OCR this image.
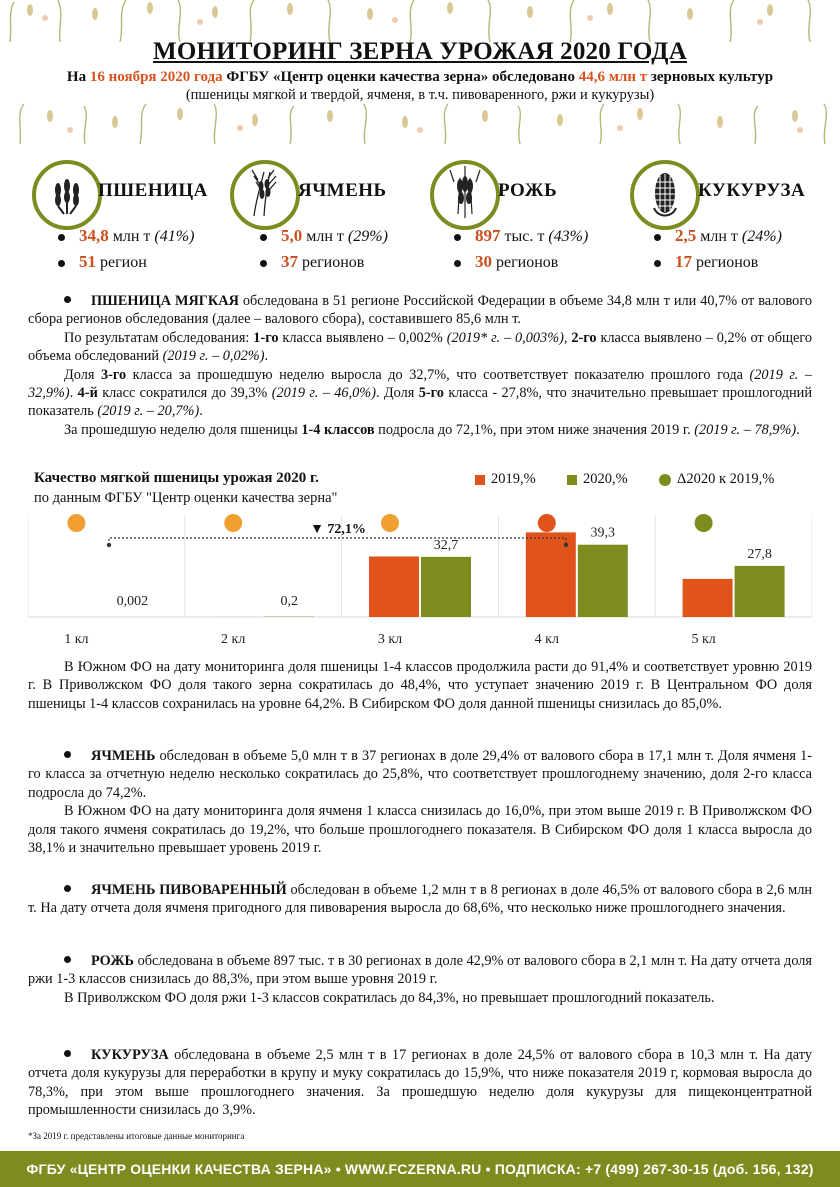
МОНИТОРИНГ ЗЕРНА УРОЖАЯ 2020 ГОДА
На 16 ноября 2020 года ФГБУ «Центр оценки качества зерна» обследовано 44,6 млн т зерновых культур
(пшеницы мягкой и твердой, ячменя, в т.ч. пивоваренного, ржи и кукурузы)
ПШЕНИЦА
34,8 млн т (41%)
51 регион
ЯЧМЕНЬ
5,0 млн т (29%)
37 регионов
РОЖЬ
897 тыс. т (43%)
30 регионов
КУКУРУЗА
2,5 млн т (24%)
17 регионов

ПШЕНИЦА МЯГКАЯ обследована в 51 регионе Российской Федерации в объеме 34,8 млн т или 40,7% от валового сбора регионов обследования (далее – валового сбора), составившего 85,6 млн т.

По результатам обследования: 1-го класса выявлено – 0,002% (2019* г. – 0,003%), 2-го класса выявлено – 0,2% от общего объема обследований (2019 г. – 0,02%).

Доля 3-го класса за прошедшую неделю выросла до 32,7%, что соответствует показателю прошлого года (2019 г. – 32,9%). 4-й класс сократился до 39,3% (2019 г. – 46,0%). Доля 5-го класса - 27,8%, что значительно превышает прошлогодний показатель (2019 г. – 20,7%).

За прошедшую неделю доля пшеницы 1-4 классов подросла до 72,1%, при этом ниже значения 2019 г. (2019 г. – 78,9%).

Качество мягкой пшеницы урожая 2020 г.
по данным ФГБУ "Центр оценки качества зерна"
2019,%	2020,%	Δ2020 к 2019,%
0,002
1 кл
0,2
2 кл
32,7
3 кл
39,3
4 кл
27,8
5 кл
▼ 72,1%

В Южном ФО на дату мониторинга доля пшеницы 1-4 классов продолжила расти до 91,4% и соответствует уровню 2019 г. В Приволжском ФО доля такого зерна сократилась до 48,4%, что уступает значению 2019 г. В Центральном ФО доля пшеницы 1-4 классов сохранилась на уровне 64,2%. В Сибирском ФО доля данной пшеницы снизилась до 85,0%.

ЯЧМЕНЬ обследован в объеме 5,0 млн т в 37 регионах в доле 29,4% от валового сбора в 17,1 млн т. Доля ячменя 1-го класса за отчетную неделю несколько сократилась до 25,8%, что соответствует прошлогоднему значению, доля 2-го класса подросла до 74,2%.

В Южном ФО на дату мониторинга доля ячменя 1 класса снизилась до 16,0%, при этом выше 2019 г. В Приволжском ФО доля такого ячменя сократилась до 19,2%, что больше прошлогоднего показателя. В Сибирском ФО доля 1 класса выросла до 38,1% и значительно превышает уровень 2019 г.

ЯЧМЕНЬ ПИВОВАРЕННЫЙ обследован в объеме 1,2 млн т в 8 регионах в доле 46,5% от валового сбора в 2,6 млн т. На дату отчета доля ячменя пригодного для пивоварения выросла до 68,6%, что несколько ниже прошлогоднего значения.

РОЖЬ обследована в объеме 897 тыс. т в 30 регионах в доле 42,9% от валового сбора в 2,1 млн т. На дату отчета доля ржи 1-3 классов снизилась до 88,3%, при этом выше уровня 2019 г.

В Приволжском ФО доля ржи 1-3 классов сократилась до 84,3%, но превышает прошлогодний показатель.

КУКУРУЗА обследована в объеме 2,5 млн т в 17 регионах в доле 24,5% от валового сбора в 10,3 млн т. На дату отчета доля кукурузы для переработки в крупу и муку сократилась до 15,9%, что ниже показателя 2019 г, кормовая выросла до 78,3%, при этом выше прошлогоднего значения. За прошедшую неделю доля кукурузы для пищеконцентратной промышленности снизилась до 3,9%.

*За 2019 г. представлены итоговые данные мониторинга
ФГБУ «ЦЕНТР ОЦЕНКИ КАЧЕСТВА ЗЕРНА» • WWW.FCZERNA.RU • ПОДПИСКА: +7 (499) 267-30-15 (доб. 156, 132)
